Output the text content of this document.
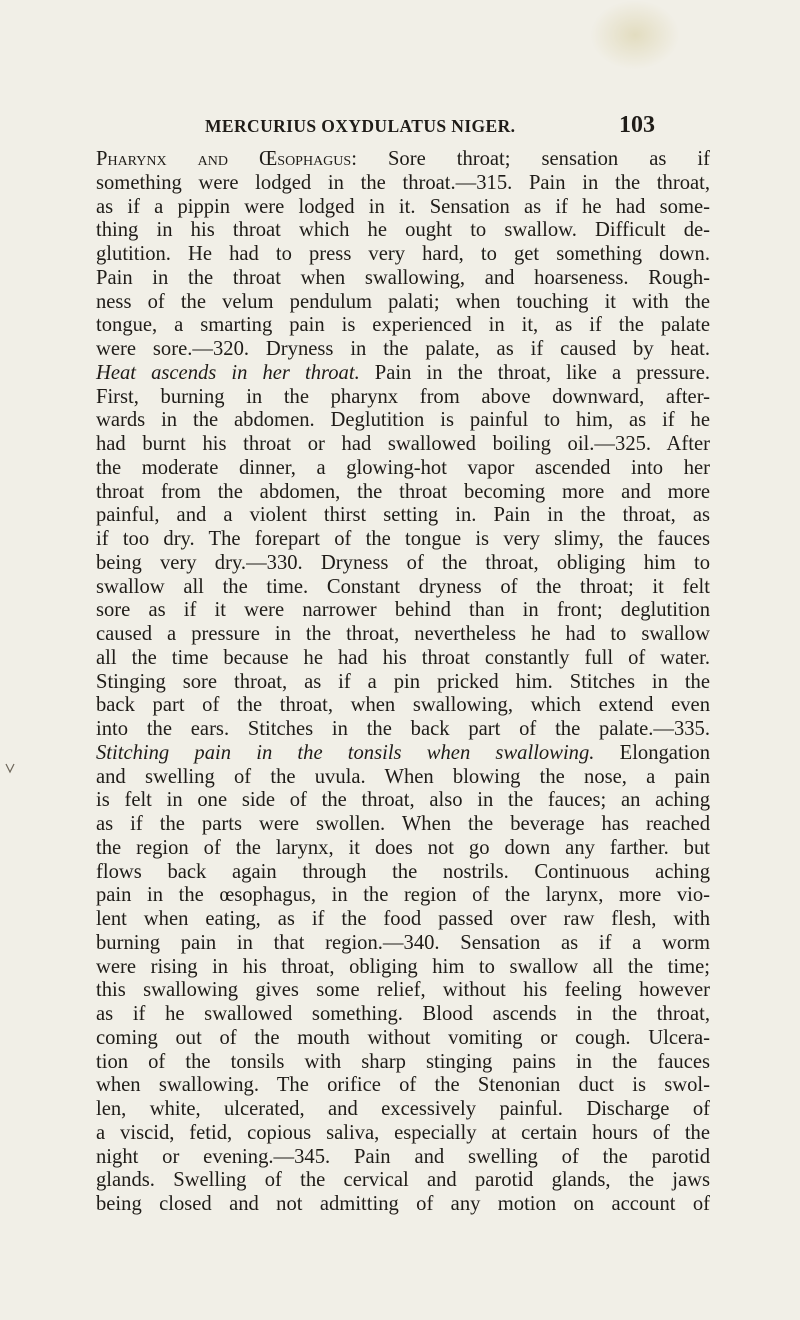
MERCURIUS OXYDULATUS NIGER.	103
Pharynx and Œsophagus: Sore throat; sensation as if
something were lodged in the throat.—315. Pain in the throat,
as if a pippin were lodged in it. Sensation as if he had some-
thing in his throat which he ought to swallow. Difficult de-
glutition. He had to press very hard, to get something down.
Pain in the throat when swallowing, and hoarseness. Rough-
ness of the velum pendulum palati; when touching it with the
tongue, a smarting pain is experienced in it, as if the palate
were sore.—320. Dryness in the palate, as if caused by heat.
Heat ascends in her throat. Pain in the throat, like a pressure.
First, burning in the pharynx from above downward, after-
wards in the abdomen. Deglutition is painful to him, as if he
had burnt his throat or had swallowed boiling oil.—325. After
the moderate dinner, a glowing-hot vapor ascended into her
throat from the abdomen, the throat becoming more and more
painful, and a violent thirst setting in. Pain in the throat, as
if too dry. The forepart of the tongue is very slimy, the fauces
being very dry.—330. Dryness of the throat, obliging him to
swallow all the time. Constant dryness of the throat; it felt
sore as if it were narrower behind than in front; deglutition
caused a pressure in the throat, nevertheless he had to swallow
all the time because he had his throat constantly full of water.
Stinging sore throat, as if a pin pricked him. Stitches in the
back part of the throat, when swallowing, which extend even
into the ears. Stitches in the back part of the palate.—335.
Stitching pain in the tonsils when swallowing. Elongation
and swelling of the uvula. When blowing the nose, a pain
is felt in one side of the throat, also in the fauces; an aching
as if the parts were swollen. When the beverage has reached
the region of the larynx, it does not go down any farther. but
flows back again through the nostrils. Continuous aching
pain in the œsophagus, in the region of the larynx, more vio-
lent when eating, as if the food passed over raw flesh, with
burning pain in that region.—340. Sensation as if a worm
were rising in his throat, obliging him to swallow all the time;
this swallowing gives some relief, without his feeling however
as if he swallowed something. Blood ascends in the throat,
coming out of the mouth without vomiting or cough. Ulcera-
tion of the tonsils with sharp stinging pains in the fauces
when swallowing. The orifice of the Stenonian duct is swol-
len, white, ulcerated, and excessively painful. Discharge of
a viscid, fetid, copious saliva, especially at certain hours of the
night or evening.—345. Pain and swelling of the parotid
glands. Swelling of the cervical and parotid glands, the jaws
being closed and not admitting of any motion on account of
